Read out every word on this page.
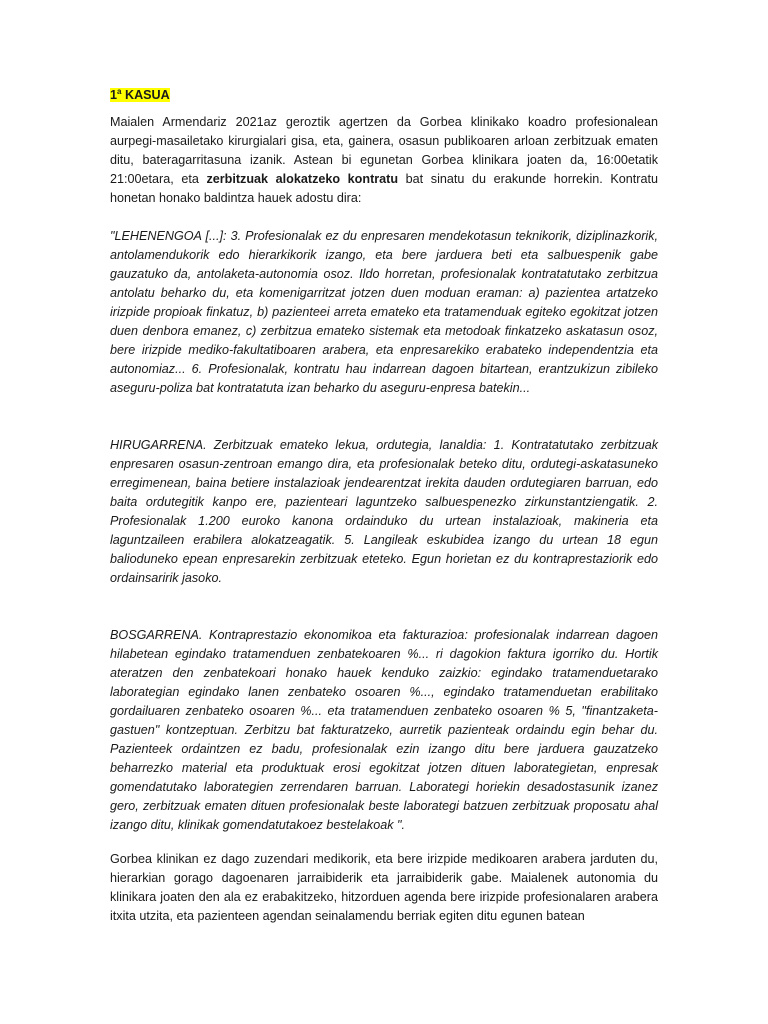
1$^a$ KASUA

Maialen Armendariz 2021az geroztik agertzen da Gorbea klinikako koadro profesionalean aurpegi-masailetako kirurgialari gisa, eta, gainera, osasun publikoaren arloan zerbitzuak ematen ditu, bateragarritasuna izanik. Astean bi egunetan Gorbea klinikara joaten da, 16:00etatik 21:00etara, eta zerbitzuak alokatzeko kontratu bat sinatu du erakunde horrekin. Kontratu honetan honako baldintza hauek adostu dira:

"LEHENENGOA [...]: 3. Profesionalak ez du enpresaren mendekotasun teknikorik, diziplinazkorik, antolamendukorik edo hierarkikorik izango, eta bere jarduera beti eta salbuespenik gabe gauzatuko da, antolaketa-autonomia osoz. Ildo horretan, profesionalak kontratatutako zerbitzua antolatu beharko du, eta komenigarritzat jotzen duen moduan eraman: a) pazientea artatzeko irizpide propioak finkatuz, b) pazienteei arreta emateko eta tratamenduak egiteko egokitzat jotzen duen denbora emanez, c) zerbitzua emateko sistemak eta metodoak finkatzeko askatasun osoz, bere irizpide mediko-fakultatiboaren arabera, eta enpresarekiko erabateko independentzia eta autonomiaz... 6. Profesionalak, kontratu hau indarrean dagoen bitartean, erantzukizun zibileko aseguru-poliza bat kontratatuta izan beharko du aseguru-enpresa batekin...

HIRUGARRENA. Zerbitzuak emateko lekua, ordutegia, lanaldia: 1. Kontratatutako zerbitzuak enpresaren osasun-zentroan emango dira, eta profesionalak beteko ditu, ordutegi-askatasuneko erregimenean, baina betiere instalazioak jendearentzat irekita dauden ordutegiaren barruan, edo baita ordutegitik kanpo ere, pazienteari laguntzeko salbuespenezko zirkunstantziengatik. 2. Profesionalak 1.200 euroko kanona ordainduko du urtean instalazioak, makineria eta laguntzaileen erabilera alokatzeagatik. 5. Langileak eskubidea izango du urtean 18 egun balioduneko epean enpresarekin zerbitzuak eteteko. Egun horietan ez du kontraprestaziorik edo ordainsaririk jasoko.

BOSGARRENA. Kontraprestazio ekonomikoa eta fakturazioa: profesionalak indarrean dagoen hilabetean egindako tratamenduen zenbatekoaren %... ri dagokion faktura igorriko du. Hortik ateratzen den zenbatekoari honako hauek kenduko zaizkio: egindako tratamenduetarako laborategian egindako lanen zenbateko osoaren %..., egindako tratamenduetan erabilitako gordailuaren zenbateko osoaren %... eta tratamenduen zenbateko osoaren % 5, "finantzaketa-gastuen" kontzeptuan. Zerbitzu bat fakturatzeko, aurretik pazienteak ordaindu egin behar du. Pazienteek ordaintzen ez badu, profesionalak ezin izango ditu bere jarduera gauzatzeko beharrezko material eta produktuak erosi egokitzat jotzen dituen laborategietan, enpresak gomendatutako laborategien zerrendaren barruan. Laborategi horiekin desadostasunik izanez gero, zerbitzuak ematen dituen profesionalak beste laborategi batzuen zerbitzuak proposatu ahal izango ditu, klinikak gomendatutakoez bestelakoak ".

Gorbea klinikan ez dago zuzendari medikorik, eta bere irizpide medikoaren arabera jarduten du, hierarkian gorago dagoenaren jarraibiderik eta jarraibiderik gabe. Maialenek autonomia du klinikara joaten den ala ez erabakitzeko, hitzorduen agenda bere irizpide profesionalaren arabera itxita utzita, eta pazienteen agendan seinalamendu berriak egiten ditu egunen batean
